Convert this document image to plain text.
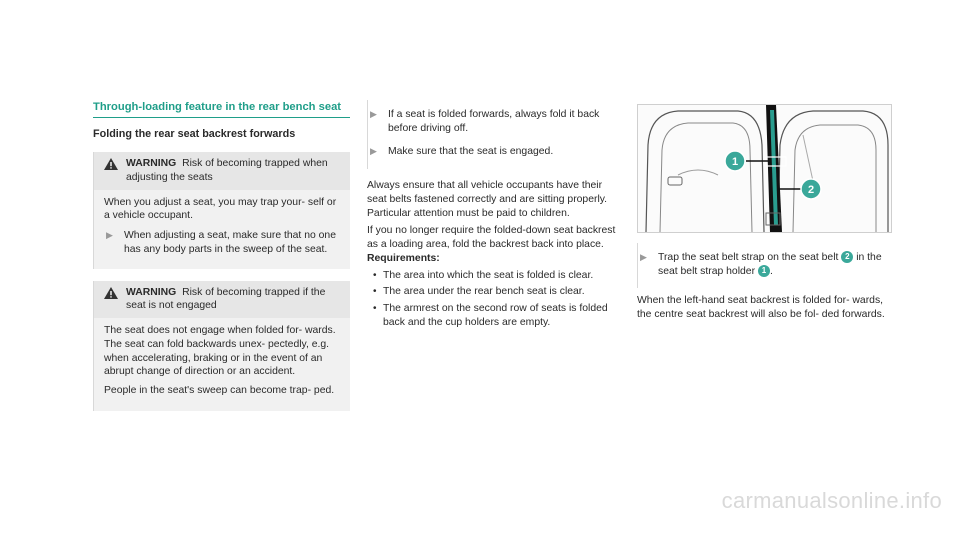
Through-loading feature in the rear bench seat
Folding the rear seat backrest forwards
WARNING Risk of becoming trapped when adjusting the seats

When you adjust a seat, you may trap your- self or a vehicle occupant.

▶	When adjusting a seat, make sure that no one has any body parts in the sweep of the seat.
WARNING Risk of becoming trapped if the seat is not engaged

The seat does not engage when folded for- wards. The seat can fold backwards unex- pectedly, e.g. when accelerating, braking or in the event of an abrupt change of direction or an accident.

People in the seat's sweep can become trap- ped.

▶	If a seat is folded forwards, always fold it back before driving off.
▶	Make sure that the seat is engaged.

Always ensure that all vehicle occupants have their seat belts fastened correctly and are sitting properly. Particular attention must be paid to children.

If you no longer require the folded-down seat backrest as a loading area, fold the backrest back into place.

Requirements:
• The area into which the seat is folded is clear.
• The area under the rear bench seat is clear.
• The armrest on the second row of seats is folded back and the cup holders are empty.
1
2
▶	Trap the seat belt strap on the seat belt 2 in the seat belt strap holder 1 .

When the left-hand seat backrest is folded for- wards, the centre seat backrest will also be fol- ded forwards.

carmanualsonline.info
